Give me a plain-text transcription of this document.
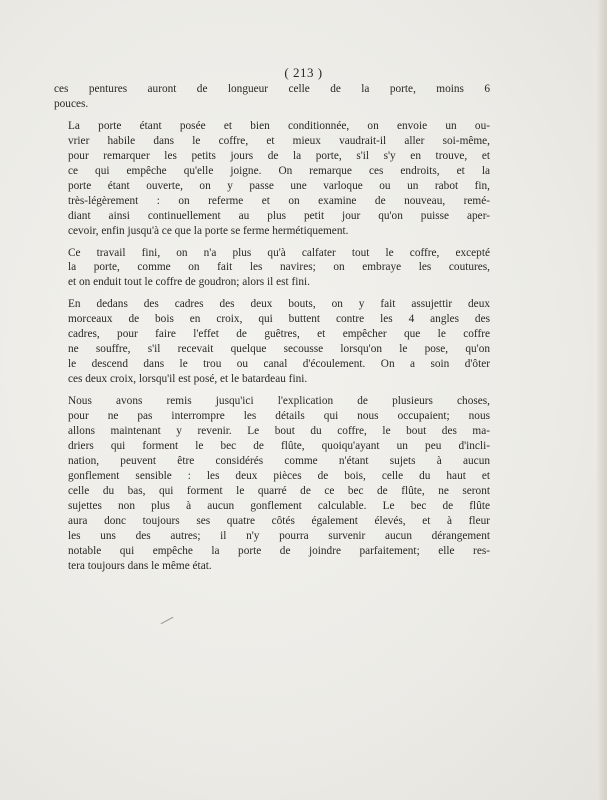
( 213 )

ces pentures auront de longueur celle de la porte, moins 6
pouces.

La porte étant posée et bien conditionnée, on envoie un ou-
vrier habile dans le coffre, et mieux vaudrait-il aller soi-même,
pour remarquer les petits jours de la porte, s'il s'y en trouve, et
ce qui empêche qu'elle joigne. On remarque ces endroits, et la
porte étant ouverte, on y passe une varloque ou un rabot fin,
très-légèrement : on referme et on examine de nouveau, remé-
diant ainsi continuellement au plus petit jour qu'on puisse aper-
cevoir, enfin jusqu'à ce que la porte se ferme hermétiquement.

Ce travail fini, on n'a plus qu'à calfater tout le coffre, excepté
la porte, comme on fait les navires; on embraye les coutures,
et on enduit tout le coffre de goudron; alors il est fini.

En dedans des cadres des deux bouts, on y fait assujettir deux
morceaux de bois en croix, qui buttent contre les 4 angles des
cadres, pour faire l'effet de guêtres, et empêcher que le coffre
ne souffre, s'il recevait quelque secousse lorsqu'on le pose, qu'on
le descend dans le trou ou canal d'écoulement. On a soin d'ôter
ces deux croix, lorsqu'il est posé, et le batardeau fini.

Nous avons remis jusqu'ici l'explication de plusieurs choses,
pour ne pas interrompre les détails qui nous occupaient; nous
allons maintenant y revenir. Le bout du coffre, le bout des ma-
driers qui forment le bec de flûte, quoiqu'ayant un peu d'incli-
nation, peuvent être considérés comme n'étant sujets à aucun
gonflement sensible : les deux pièces de bois, celle du haut et
celle du bas, qui forment le quarré de ce bec de flûte, ne seront
sujettes non plus à aucun gonflement calculable. Le bec de flûte
aura donc toujours ses quatre côtés également élevés, et à fleur
les uns des autres; il n'y pourra survenir aucun dérangement
notable qui empêche la porte de joindre parfaitement; elle res-
tera toujours dans le même état.
